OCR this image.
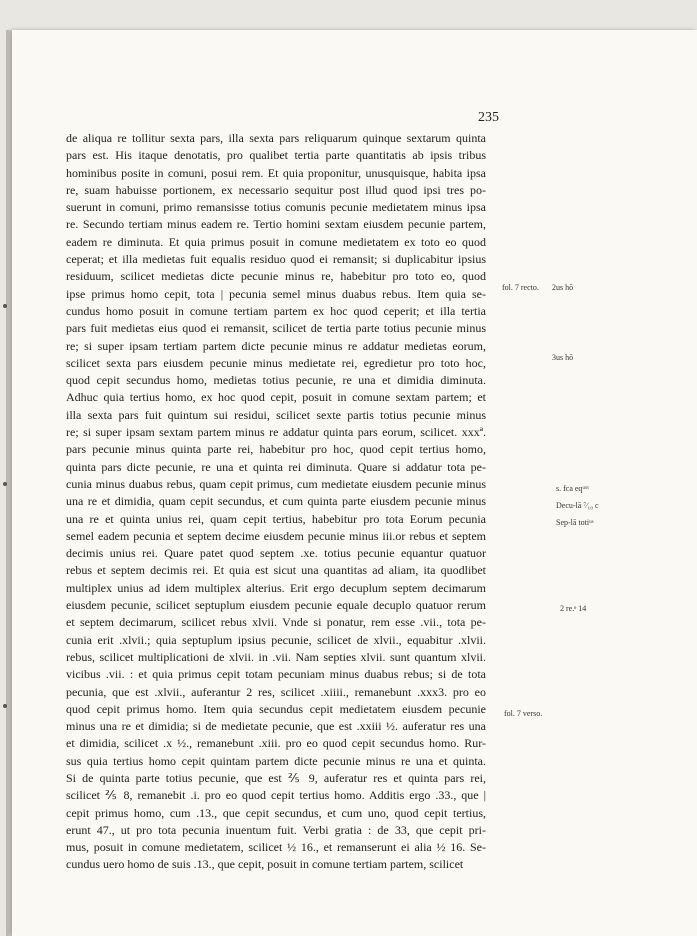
235
de aliqua re tollitur sexta pars, illa sexta pars reliquarum quinque sextarum quinta
pars est. His itaque denotatis, pro qualibet tertia parte quantitatis ab ipsis tribus
hominibus posite in comuni, posui rem. Et quia proponitur, unusquisque, habita ipsa
re, suam habuisse portionem, ex necessario sequitur post illud quod ipsi tres po-
suerunt in comuni, primo remansisse totius comunis pecunie medietatem minus ipsa
re. Secundo tertiam minus eadem re. Tertio homini sextam eiusdem pecunie partem,
eadem re diminuta. Et quia primus posuit in comune medietatem ex toto eo quod
ceperat; et illa medietas fuit equalis residuo quod ei remansit; si duplicabitur ipsius
residuum, scilicet medietas dicte pecunie minus re, habebitur pro toto eo, quod
ipse primus homo cepit, tota | pecunia semel minus duabus rebus. Item quia se-
cundus homo posuit in comune tertiam partem ex hoc quod ceperit; et illa tertia
pars fuit medietas eius quod ei remansit, scilicet de tertia parte totius pecunie minus
re; si super ipsam tertiam partem dicte pecunie minus re addatur medietas eorum,
scilicet sexta pars eiusdem pecunie minus medietate rei, egredietur pro toto hoc,
quod cepit secundus homo, medietas totius pecunie, re una et dimidia diminuta.
Adhuc quia tertius homo, ex hoc quod cepit, posuit in comune sextam partem; et
illa sexta pars fuit quintum sui residui, scilicet sexte partis totius pecunie minus
re; si super ipsam sextam partem minus re addatur quinta pars eorum, scilicet. xxxª.
pars pecunie minus quinta parte rei, habebitur pro hoc, quod cepit tertius homo,
quinta pars dicte pecunie, re una et quinta rei diminuta. Quare si addatur tota pe-
cunia minus duabus rebus, quam cepit primus, cum medietate eiusdem pecunie minus
una re et dimidia, quam cepit secundus, et cum quinta parte eiusdem pecunie minus
una re et quinta unius rei, quam cepit tertius, habebitur pro tota Eorum pecunia
semel eadem pecunia et septem decime eiusdem pecunie minus iii.or rebus et septem
decimis unius rei. Quare patet quod septem .xe. totius pecunie equantur quatuor
rebus et septem decimis rei. Et quia est sicut una quantitas ad aliam, ita quodlibet
multiplex unius ad idem multiplex alterius. Erit ergo decuplum septem decimarum
eiusdem pecunie, scilicet septuplum eiusdem pecunie equale decuplo quatuor rerum
et septem decimarum, scilicet rebus xlvii. Vnde si ponatur, rem esse .vii., tota pe-
cunia erit .xlvii.; quia septuplum ipsius pecunie, scilicet de xlvii., equabitur .xlvii.
rebus, scilicet multiplicationi de xlvii. in .vii. Nam septies xlvii. sunt quantum xlvii.
vicibus .vii. : et quia primus cepit totam pecuniam minus duabus rebus; si de tota
pecunia, que est .xlvii., auferantur 2 res, scilicet .xiiii., remanebunt .xxx3. pro eo
quod cepit primus homo. Item quia secundus cepit medietatem eiusdem pecunie
minus una re et dimidia; si de medietate pecunie, que est .xxiii ½. auferatur res una
et dimidia, scilicet .x ½., remanebunt .xiii. pro eo quod cepit secundus homo. Rur-
sus quia tertius homo cepit quintam partem dicte pecunie minus re una et quinta.
Si de quinta parte totius pecunie, que est ⅖ 9, auferatur res et quinta pars rei,
scilicet ⅖ 8, remanebit .i. pro eo quod cepit tertius homo. Additis ergo .33., que |
cepit primus homo, cum .13., que cepit secundus, et cum uno, quod cepit tertius,
erunt 47., ut pro tota pecunia inuentum fuit. Verbi gratia : de 33, que cepit pri-
mus, posuit in comune medietatem, scilicet ½ 16., et remanserunt ei alia ½ 16. Se-
cundus uero homo de suis .13., que cepit, posuit in comune tertiam partem, scilicet
fol. 7 recto. 2us hō
3us hō
s. fca eqᵘᵒᵗ
Decu-lā ⁷⁄₁₀ c
Sep-lā totiᵘˢ
2 re.ᵉ 14
fol. 7 verso.
